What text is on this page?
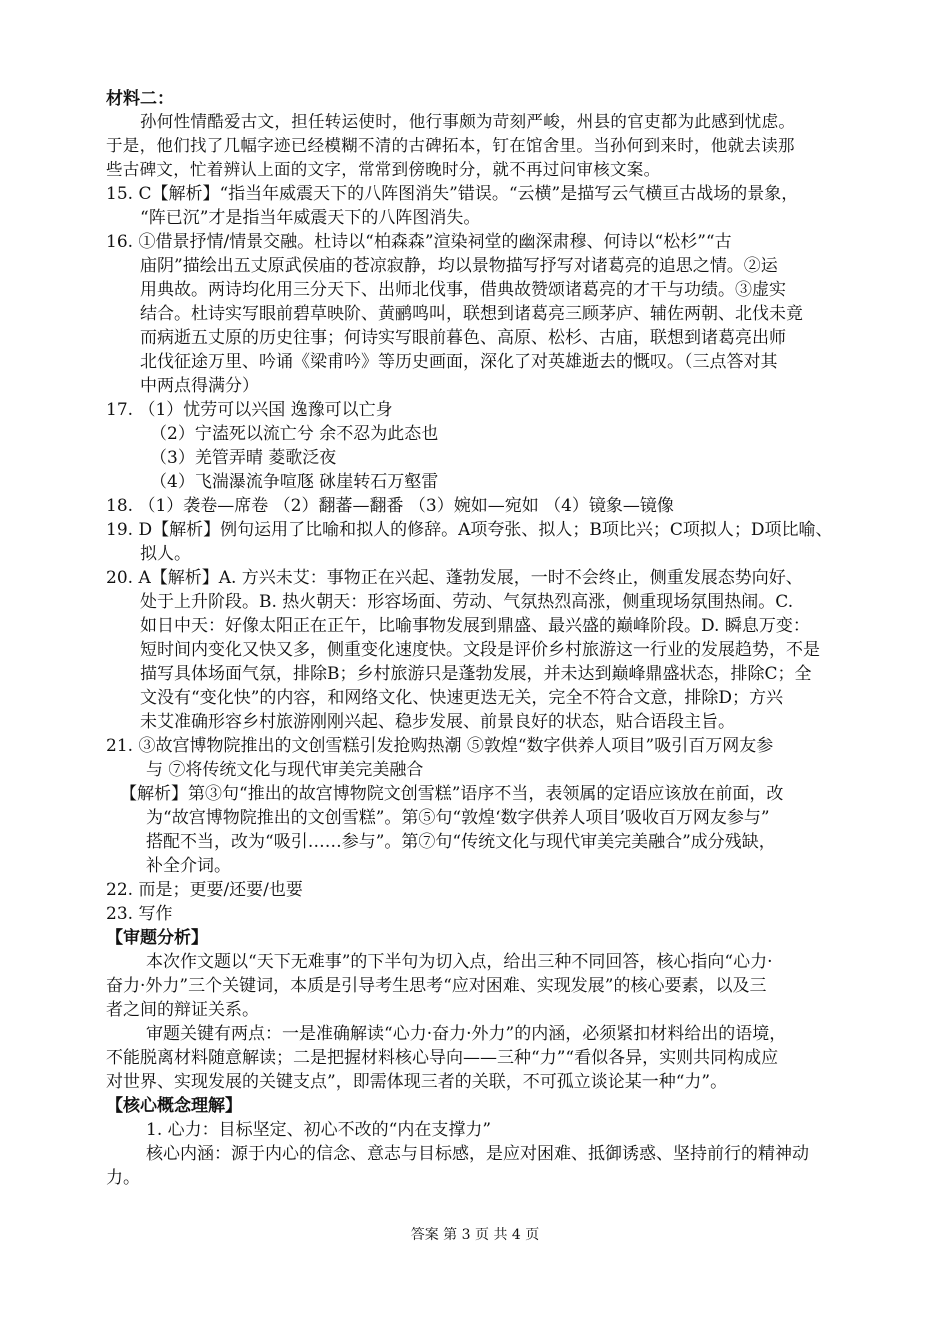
材料二：
孙何性情酷爱古文，担任转运使时，他行事颇为苛刻严峻，州县的官吏都为此感到忧虑。
于是，他们找了几幅字迹已经模糊不清的古碑拓本，钉在馆舍里。当孙何到来时，他就去读那
些古碑文，忙着辨认上面的文字，常常到傍晚时分，就不再过问审核文案。
15. C【解析】“指当年威震天下的八阵图消失”错误。“云横”是描写云气横亘古战场的景象，
“阵已沉”才是指当年威震天下的八阵图消失。
16. ①借景抒情/情景交融。杜诗以“柏森森”渲染祠堂的幽深肃穆、何诗以“松杉”“古
庙阴”描绘出五丈原武侯庙的苍凉寂静，均以景物描写抒写对诸葛亮的追思之情。②运
用典故。两诗均化用三分天下、出师北伐事，借典故赞颂诸葛亮的才干与功绩。③虚实
结合。杜诗实写眼前碧草映阶、黄鹂鸣叫，联想到诸葛亮三顾茅庐、辅佐两朝、北伐未竟
而病逝五丈原的历史往事；何诗实写眼前暮色、高原、松杉、古庙，联想到诸葛亮出师
北伐征途万里、吟诵《梁甫吟》等历史画面，深化了对英雄逝去的慨叹。（三点答对其
中两点得满分）
17. （1）忧劳可以兴国 逸豫可以亡身
（2）宁溘死以流亡兮 余不忍为此态也
（3）羌管弄晴 菱歌泛夜
（4）飞湍瀑流争喧豗 砯崖转石万壑雷
18. （1）袭卷—席卷 （2）翻蕃—翻番 （3）婉如—宛如 （4）镜象—镜像
19. D【解析】例句运用了比喻和拟人的修辞。A项夸张、拟人；B项比兴；C项拟人；D项比喻、
拟人。
20. A【解析】A. 方兴未艾：事物正在兴起、蓬勃发展，一时不会终止，侧重发展态势向好、
处于上升阶段。B. 热火朝天：形容场面、劳动、气氛热烈高涨，侧重现场氛围热闹。C.
如日中天：好像太阳正在正午，比喻事物发展到鼎盛、最兴盛的巅峰阶段。D. 瞬息万变：
短时间内变化又快又多，侧重变化速度快。文段是评价乡村旅游这一行业的发展趋势，不是
描写具体场面气氛，排除B；乡村旅游只是蓬勃发展，并未达到巅峰鼎盛状态，排除C；全
文没有“变化快”的内容，和网络文化、快速更迭无关，完全不符合文意，排除D；方兴
未艾准确形容乡村旅游刚刚兴起、稳步发展、前景良好的状态，贴合语段主旨。
21. ③故宫博物院推出的文创雪糕引发抢购热潮 ⑤敦煌“数字供养人项目”吸引百万网友参
与 ⑦将传统文化与现代审美完美融合
【解析】第③句“推出的故宫博物院文创雪糕”语序不当，表领属的定语应该放在前面，改
为“故宫博物院推出的文创雪糕”。第⑤句“敦煌‘数字供养人项目’吸收百万网友参与”
搭配不当，改为“吸引……参与”。第⑦句“传统文化与现代审美完美融合”成分残缺，
补全介词。
22. 而是；更要/还要/也要
23. 写作
【审题分析】
本次作文题以“天下无难事”的下半句为切入点，给出三种不同回答，核心指向“心力·
奋力·外力”三个关键词，本质是引导考生思考“应对困难、实现发展”的核心要素，以及三
者之间的辩证关系。
审题关键有两点：一是准确解读“心力·奋力·外力”的内涵，必须紧扣材料给出的语境，
不能脱离材料随意解读；二是把握材料核心导向——三种“力”“看似各异，实则共同构成应
对世界、实现发展的关键支点”，即需体现三者的关联，不可孤立谈论某一种“力”。
【核心概念理解】
1. 心力：目标坚定、初心不改的“内在支撑力”
核心内涵：源于内心的信念、意志与目标感，是应对困难、抵御诱惑、坚持前行的精神动
力。
答案 第 3 页 共 4 页
